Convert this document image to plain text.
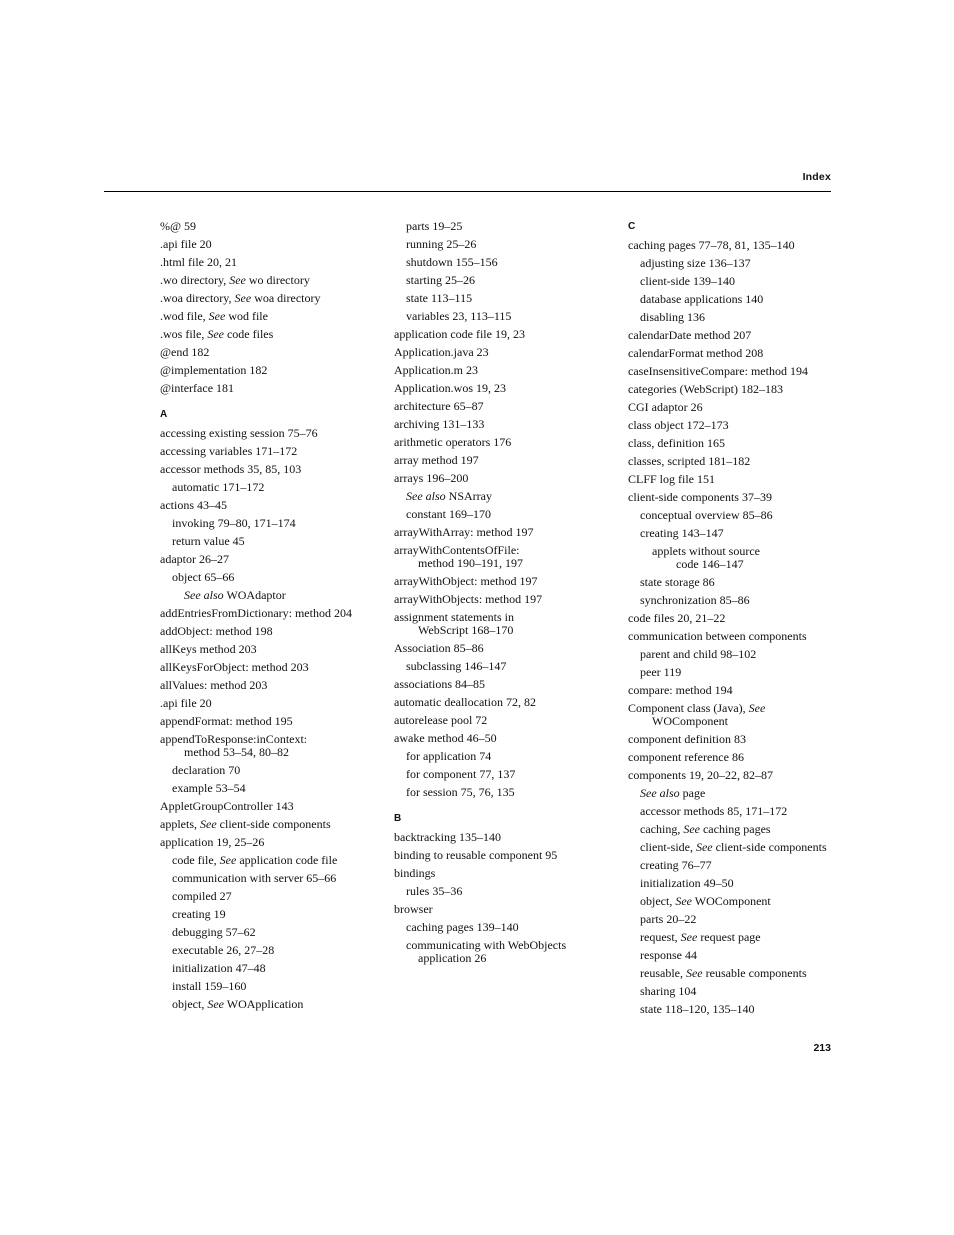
Index
%@ 59
.api file 20
.html file 20, 21
.wo directory, See wo directory
.woa directory, See woa directory
.wod file, See wod file
.wos file, See code files
@end 182
@implementation 182
@interface 181
A
accessing existing session 75–76
accessing variables 171–172
accessor methods 35, 85, 103
automatic 171–172
actions 43–45
invoking 79–80, 171–174
return value 45
adaptor 26–27
object 65–66
See also WOAdaptor
addEntriesFromDictionary: method 204
addObject: method 198
allKeys method 203
allKeysForObject: method 203
allValues: method 203
.api file 20
appendFormat: method 195
appendToResponse:inContext:
method 53–54, 80–82
declaration 70
example 53–54
AppletGroupController 143
applets, See client-side components
application 19, 25–26
code file, See application code file
communication with server 65–66
compiled 27
creating 19
debugging 57–62
executable 26, 27–28
initialization 47–48
install 159–160
object, See WOApplication
parts 19–25
running 25–26
shutdown 155–156
starting 25–26
state 113–115
variables 23, 113–115
application code file 19, 23
Application.java 23
Application.m 23
Application.wos 19, 23
architecture 65–87
archiving 131–133
arithmetic operators 176
array method 197
arrays 196–200
See also NSArray
constant 169–170
arrayWithArray: method 197
arrayWithContentsOfFile:
method 190–191, 197
arrayWithObject: method 197
arrayWithObjects: method 197
assignment statements in
WebScript 168–170
Association 85–86
subclassing 146–147
associations 84–85
automatic deallocation 72, 82
autorelease pool 72
awake method 46–50
for application 74
for component 77, 137
for session 75, 76, 135
B
backtracking 135–140
binding to reusable component 95
bindings
rules 35–36
browser
caching pages 139–140
communicating with WebObjects
application 26
C
caching pages 77–78, 81, 135–140
adjusting size 136–137
client-side 139–140
database applications 140
disabling 136
calendarDate method 207
calendarFormat method 208
caseInsensitiveCompare: method 194
categories (WebScript) 182–183
CGI adaptor 26
class object 172–173
class, definition 165
classes, scripted 181–182
CLFF log file 151
client-side components 37–39
conceptual overview 85–86
creating 143–147
applets without source
code 146–147
state storage 86
synchronization 85–86
code files 20, 21–22
communication between components
parent and child 98–102
peer 119
compare: method 194
Component class (Java), See
WOComponent
component definition 83
component reference 86
components 19, 20–22, 82–87
See also page
accessor methods 85, 171–172
caching, See caching pages
client-side, See client-side components
creating 76–77
initialization 49–50
object, See WOComponent
parts 20–22
request, See request page
response 44
reusable, See reusable components
sharing 104
state 118–120, 135–140
213
